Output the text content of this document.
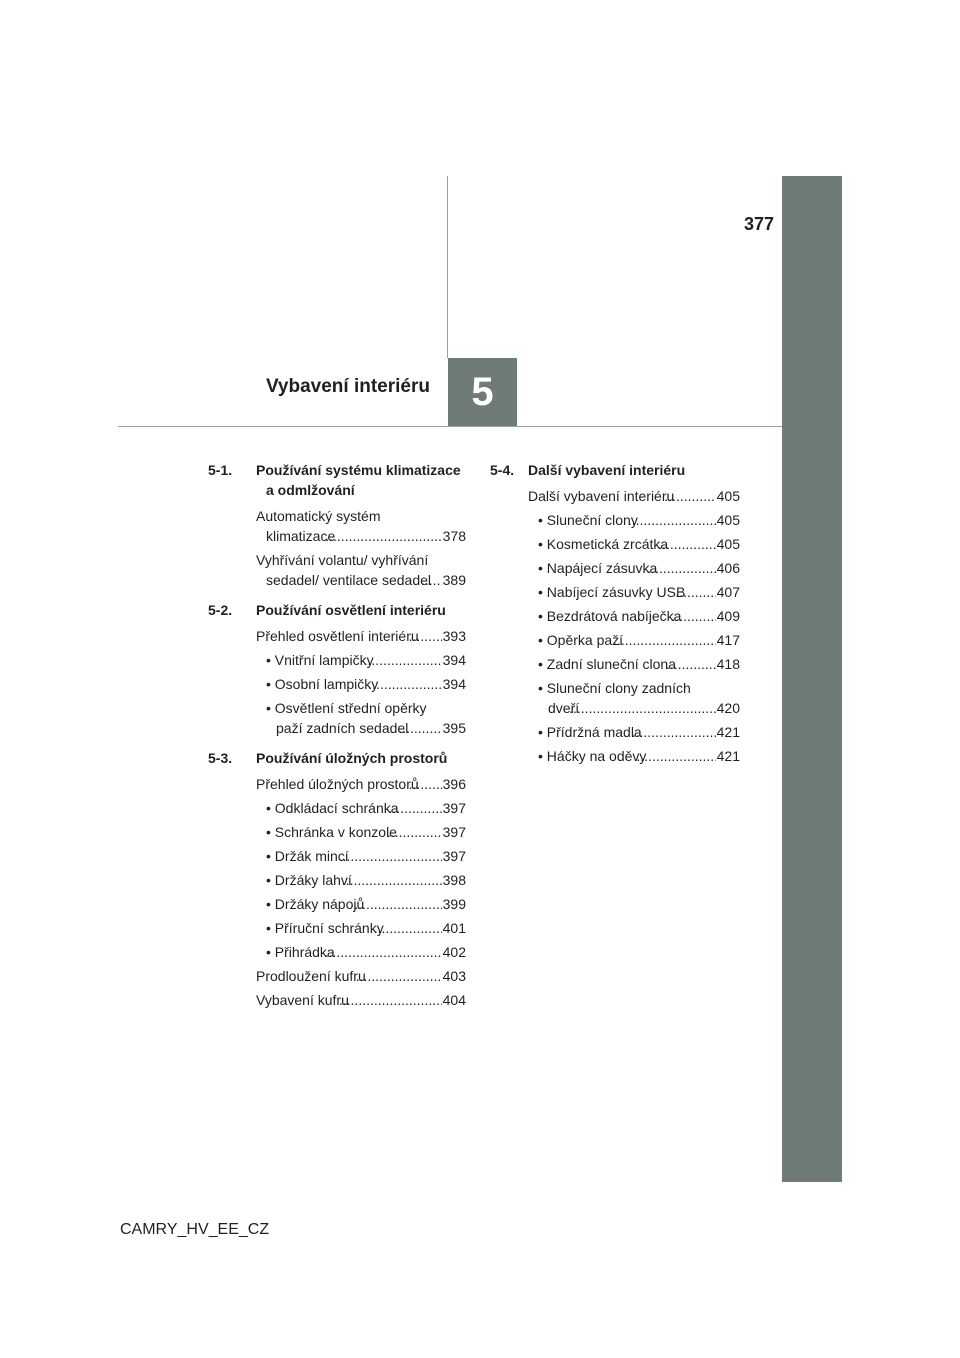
377
5
Vybavení interiéru
5-1.	Používání systému klimatizace a odmlžování
Automatický systém klimatizace .....	378
Vyhřívání volantu/ vyhřívání sedadel/ ventilace sedadel ..... 389
5-2.	Používání osvětlení interiéru
Přehled osvětlení interiéru .....	393
• Vnitřní lampičky .....	394
• Osobní lampičky .....	394
• Osvětlení střední opěrky paží zadních sedadel .....	395
5-3.	Používání úložných prostorů
Přehled úložných prostorů .....	396
• Odkládací schránka .....	397
• Schránka v konzole .....	397
• Držák mincí .....	397
• Držáky lahví .....	398
• Držáky nápojů .....	399
• Příruční schránky .....	401
• Přihrádka .....	402
Prodloužení kufru .....	403
Vybavení kufru .....	404
5-4. Další vybavení interiéru
Další vybavení interiéru .....	405
• Sluneční clony .....	405
• Kosmetická zrcátka .....	405
• Napájecí zásuvka .....	406
• Nabíjecí zásuvky USB .....	407
• Bezdrátová nabíječka .....	409
• Opěrka paží .....	417
• Zadní sluneční clona .....	418
• Sluneční clony zadních dveří .....	420
• Přídržná madla .....	421
• Háčky na oděvy .....	421
CAMRY_HV_EE_CZ
